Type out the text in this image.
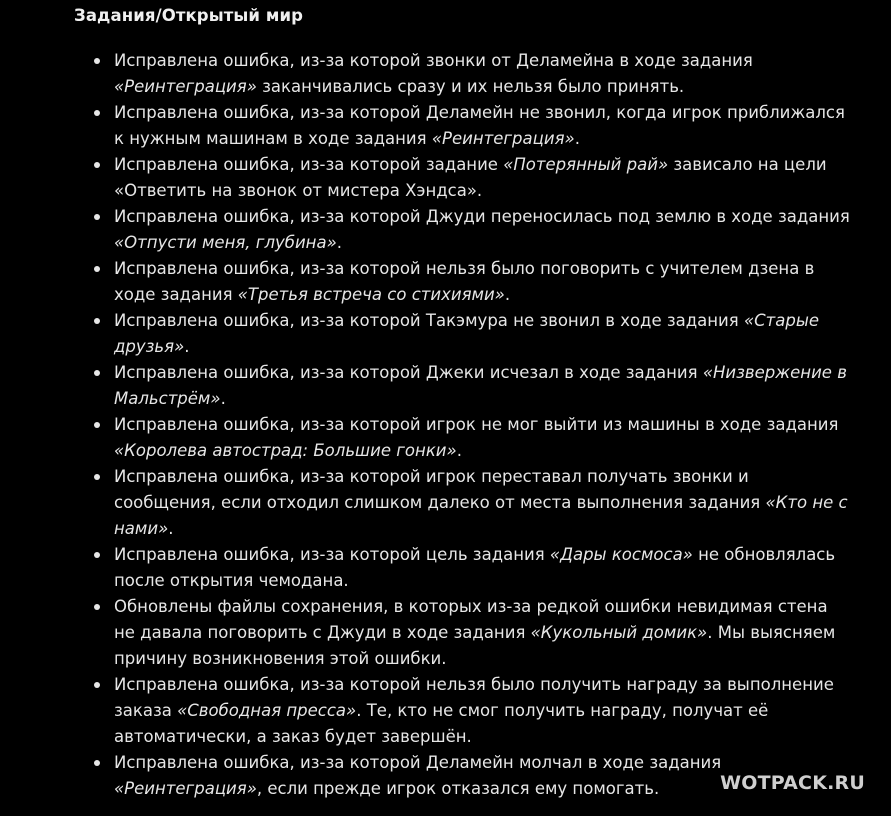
Задания/Открытый мир
Исправлена ошибка, из-за которой звонки от Деламейна в ходе задания «Реинтеграция» заканчивались сразу и их нельзя было принять.
Исправлена ошибка, из-за которой Деламейн не звонил, когда игрок приближался к нужным машинам в ходе задания «Реинтеграция».
Исправлена ошибка, из-за которой задание «Потерянный рай» зависало на цели «Ответить на звонок от мистера Хэндса».
Исправлена ошибка, из-за которой Джуди переносилась под землю в ходе задания «Отпусти меня, глубина».
Исправлена ошибка, из-за которой нельзя было поговорить с учителем дзена в ходе задания «Третья встреча со стихиями».
Исправлена ошибка, из-за которой Такэмура не звонил в ходе задания «Старые друзья».
Исправлена ошибка, из-за которой Джеки исчезал в ходе задания «Низвержение в Мальстрём».
Исправлена ошибка, из-за которой игрок не мог выйти из машины в ходе задания «Королева автострад: Большие гонки».
Исправлена ошибка, из-за которой игрок переставал получать звонки и сообщения, если отходил слишком далеко от места выполнения задания «Кто не с нами».
Исправлена ошибка, из-за которой цель задания «Дары космоса» не обновлялась после открытия чемодана.
Обновлены файлы сохранения, в которых из-за редкой ошибки невидимая стена не давала поговорить с Джуди в ходе задания «Кукольный домик». Мы выясняем причину возникновения этой ошибки.
Исправлена ошибка, из-за которой нельзя было получить награду за выполнение заказа «Свободная пресса». Те, кто не смог получить награду, получат её автоматически, а заказ будет завершён.
Исправлена ошибка, из-за которой Деламейн молчал в ходе задания «Реинтеграция», если прежде игрок отказался ему помогать.	WOTPACK.RU
